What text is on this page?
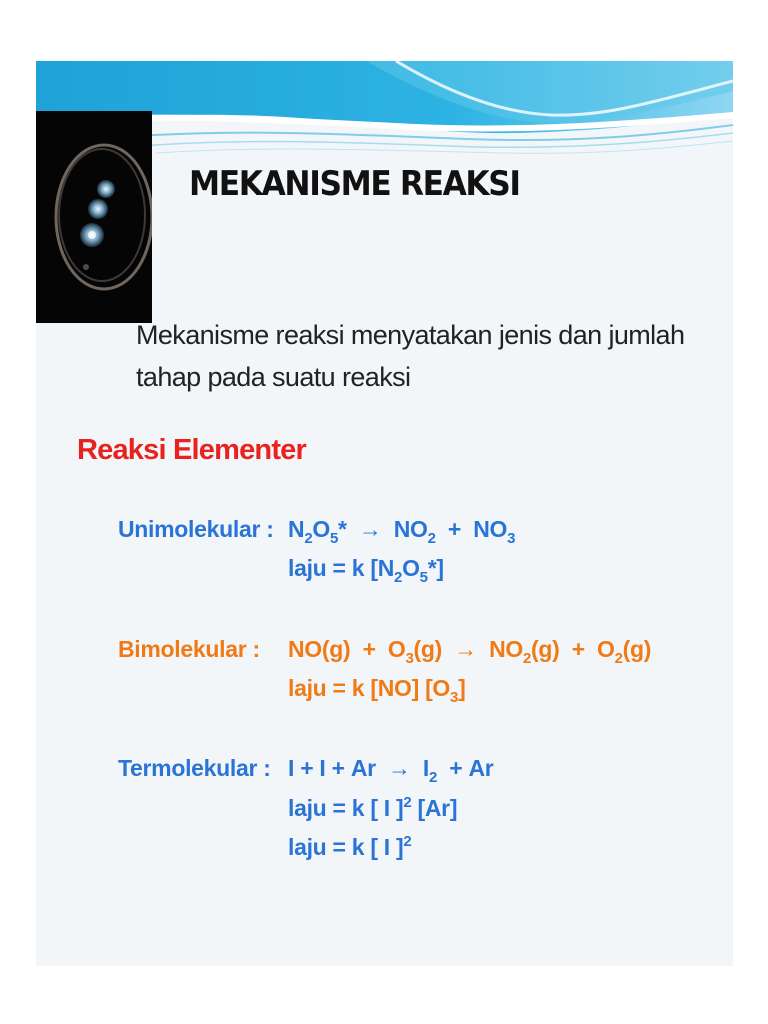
MEKANISME REAKSI

Mekanisme reaksi menyatakan jenis dan jumlah tahap pada suatu reaksi

Reaksi Elementer
Unimolekular : $N_2O_5* \to NO_2 + NO_3$
laju = k $[N_2O_5*]$
Bimolekular : $NO(g) + O_3(g) \to NO_2(g) + O_2(g)$
laju = k [NO] $[O_3]$
Termolekular : $I + I + Ar \to I_2 + Ar$
laju = k [ I ]$^2$ [Ar]
laju = k [ I ]$^2$
